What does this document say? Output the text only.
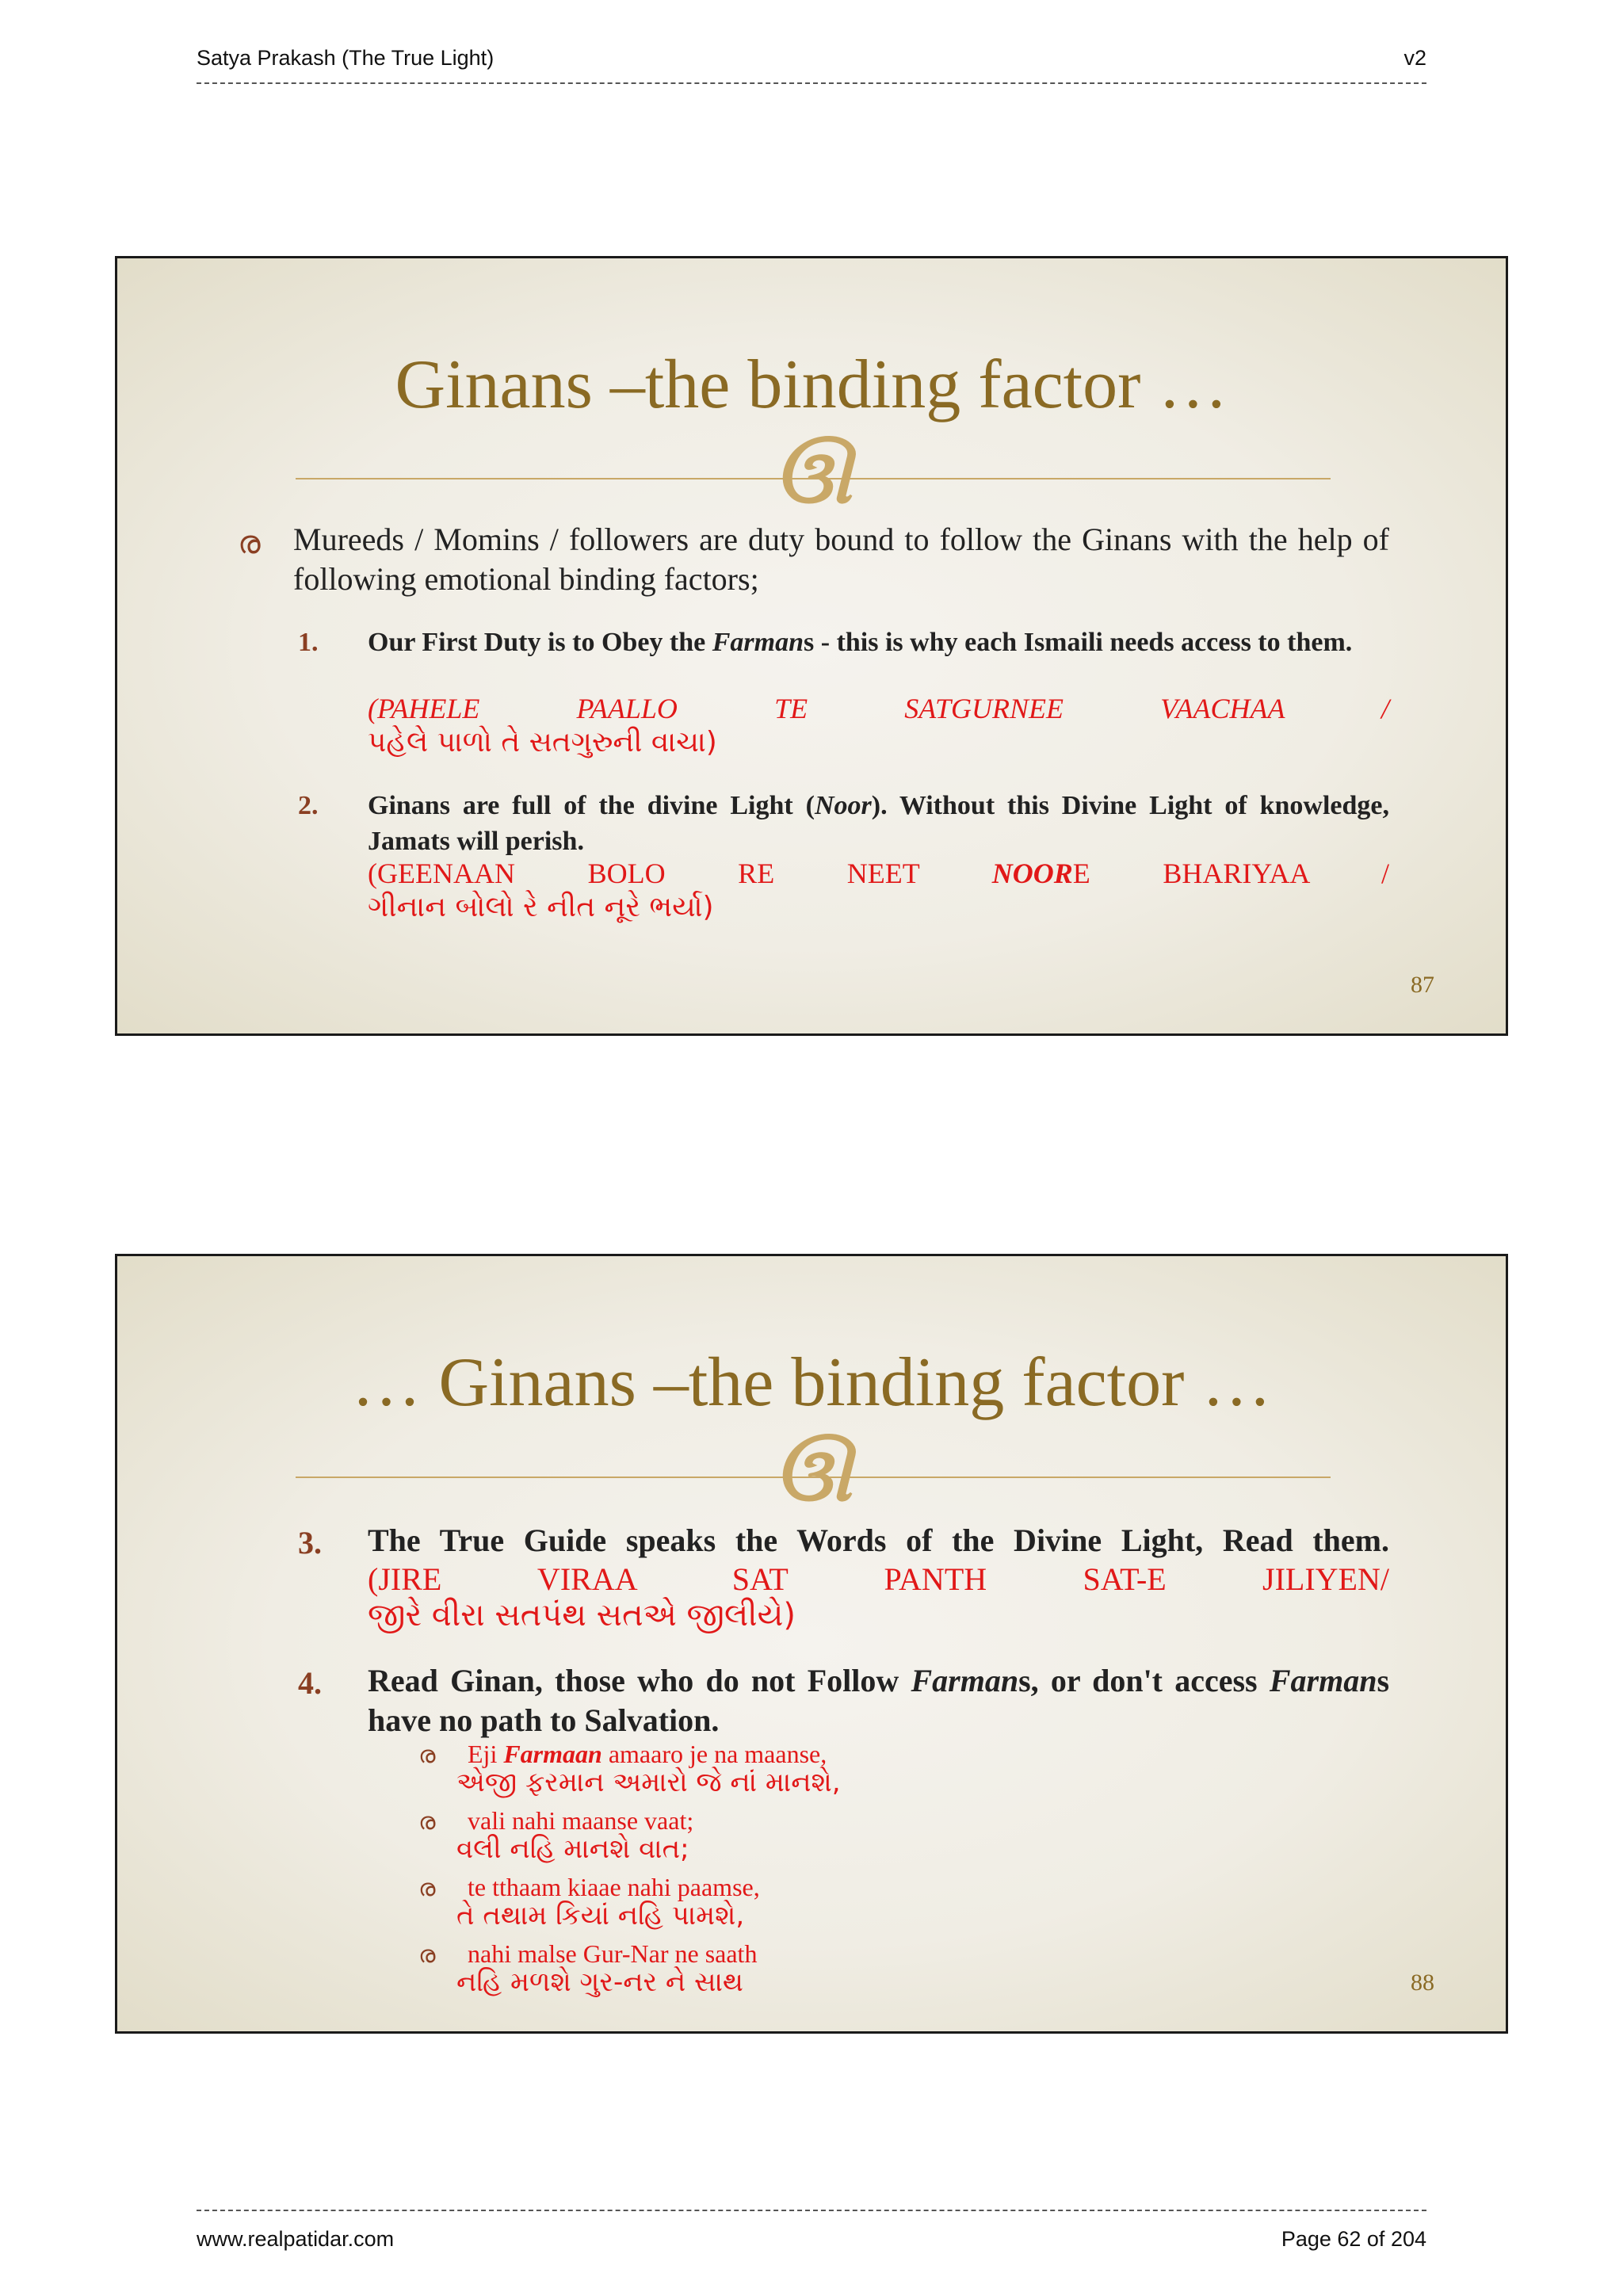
Satya Prakash (The True Light)	v2
Ginans –the binding factor …
ઊ
ര Mureeds / Momins / followers are duty bound to follow the Ginans with the help of following emotional binding factors;
1. Our First Duty is to Obey the Farmans - this is why each Ismaili needs access to them.
(PAHELE PAALLO TE SATGURNEE VAACHAA /
પહેલે પાળો તે સતગુરુની વાચા)
2. Ginans are full of the divine Light (Noor). Without this Divine Light of knowledge, Jamats will perish.
(GEENAAN BOLO RE NEET NOORE BHARIYAA /
ગીનાન બોલો રે નીત નૂરે ભર્યા)
87
… Ginans –the binding factor …
ઊ
3. The True Guide speaks the Words of the Divine Light, Read them.
(JIRE VIRAA SAT PANTH SAT-E JILIYEN/
જીરે વીરા સતપંથ સતએ જીલીયે)
4. Read Ginan, those who do not Follow Farmans, or don't access Farmans have no path to Salvation.
ര Eji Farmaan amaaro je na maanse,
એજી ફરમાન અમારો જે નાં માનશે,
ര vali nahi maanse vaat;
વલી નહિ માનશે વાત;
ര te tthaam kiaae nahi paamse,
તે તથામ કિયાં નહિ પામશે,
ര nahi malse Gur-Nar ne saath
નહિ મળશે ગુર-નર ને સાથ	88
www.realpatidar.com	Page 62 of 204
